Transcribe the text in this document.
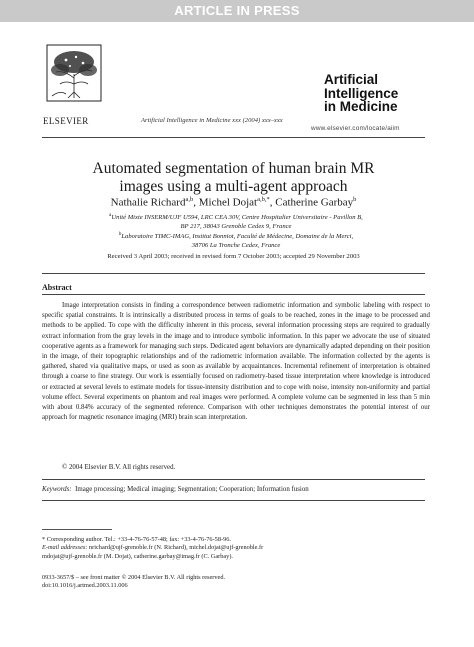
ARTICLE IN PRESS
ELSEVIER	Artificial Intelligence in Medicine xxx (2004) xxx–xxx
Artificial
Intelligence
in Medicine
www.elsevier.com/locate/aiim
Automated segmentation of human brain MR
images using a multi-agent approach
Nathalie Richard$^{a,b}$, Michel Dojat$^{a,b,*}$, Catherine Garbay$^b$
$^a$Unité Mixte INSERM/UJF U594, LRC CEA 30V, Centre Hospitalier Universitaire - Pavillon B,
BP 217, 38043 Grenoble Cedex 9, France
$^b$Laboratoire TIMC-IMAG, Institut Bonniot, Faculté de Médecine, Domaine de la Merci,
38706 La Tronche Cedex, France
Received 3 April 2003; received in revised form 7 October 2003; accepted 29 November 2003
Abstract
Image interpretation consists in finding a correspondence between radiometric information and symbolic labeling with respect to specific spatial constraints. It is intrinsically a distributed process in terms of goals to be reached, zones in the image to be processed and methods to be applied. To cope with the difficulty inherent in this process, several information processing steps are required to gradually extract information from the gray levels in the image and to introduce symbolic information. In this paper we advocate the use of situated cooperative agents as a framework for managing such steps. Dedicated agent behaviors are dynamically adapted depending on their position in the image, of their topographic relationships and of the radiometric information available. The information collected by the agents is gathered, shared via qualitative maps, or used as soon as available by acquaintances. Incremental refinement of interpretation is obtained through a coarse to fine strategy. Our work is essentially focused on radiometry-based tissue interpretation where knowledge is introduced or extracted at several levels to estimate models for tissue-intensity distribution and to cope with noise, intensity non-uniformity and partial volume effect. Several experiments on phantom and real images were performed. A complete volume can be segmented in less than 5 min with about 0.84% accuracy of the segmented reference. Comparison with other techniques demonstrates the potential interest of our approach for magnetic resonance imaging (MRI) brain scan interpretation.
© 2004 Elsevier B.V. All rights reserved.
Keywords: Image processing; Medical imaging; Segmentation; Cooperation; Information fusion
* Corresponding author. Tel.: +33-4-76-76-57-48; fax: +33-4-76-76-58-96.
E-mail addresses: nrichard@ujf-grenoble.fr (N. Richard), michel.dojat@ujf-grenoble.fr
mdojat@ujf-grenoble.fr (M. Dojat), catherine.garbay@imag.fr (C. Garbay).
0933-3657/$ – see front matter © 2004 Elsevier B.V. All rights reserved.
doi:10.1016/j.artmed.2003.11.006
